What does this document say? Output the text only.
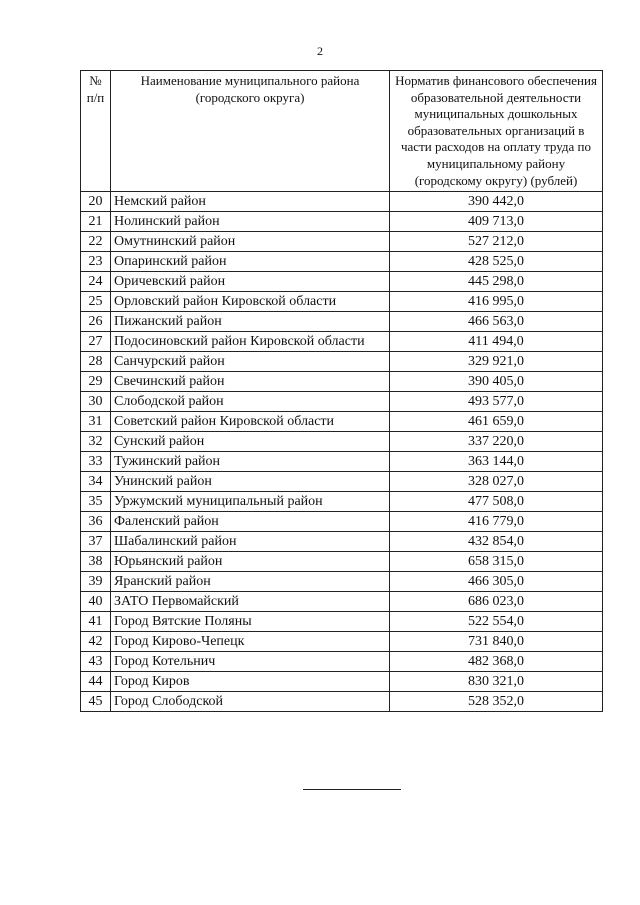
2
№ п/п	Наименование муниципального района (городского округа)	Норматив финансового обеспечения образовательной деятельности муниципальных дошкольных образовательных организаций в части расходов на оплату труда по муниципальному району (городскому округу) (рублей)
20	Немский район	390 442,0
21	Нолинский район	409 713,0
22	Омутнинский район	527 212,0
23	Опаринский район	428 525,0
24	Оричевский район	445 298,0
25	Орловский район Кировской области	416 995,0
26	Пижанский район	466 563,0
27	Подосиновский район Кировской области	411 494,0
28	Санчурский район	329 921,0
29	Свечинский район	390 405,0
30	Слободской район	493 577,0
31	Советский район Кировской области	461 659,0
32	Сунский район	337 220,0
33	Тужинский район	363 144,0
34	Унинский район	328 027,0
35	Уржумский муниципальный район	477 508,0
36	Фаленский район	416 779,0
37	Шабалинский район	432 854,0
38	Юрьянский район	658 315,0
39	Яранский район	466 305,0
40	ЗАТО Первомайский	686 023,0
41	Город Вятские Поляны	522 554,0
42	Город Кирово-Чепецк	731 840,0
43	Город Котельнич	482 368,0
44	Город Киров	830 321,0
45	Город Слободской	528 352,0
